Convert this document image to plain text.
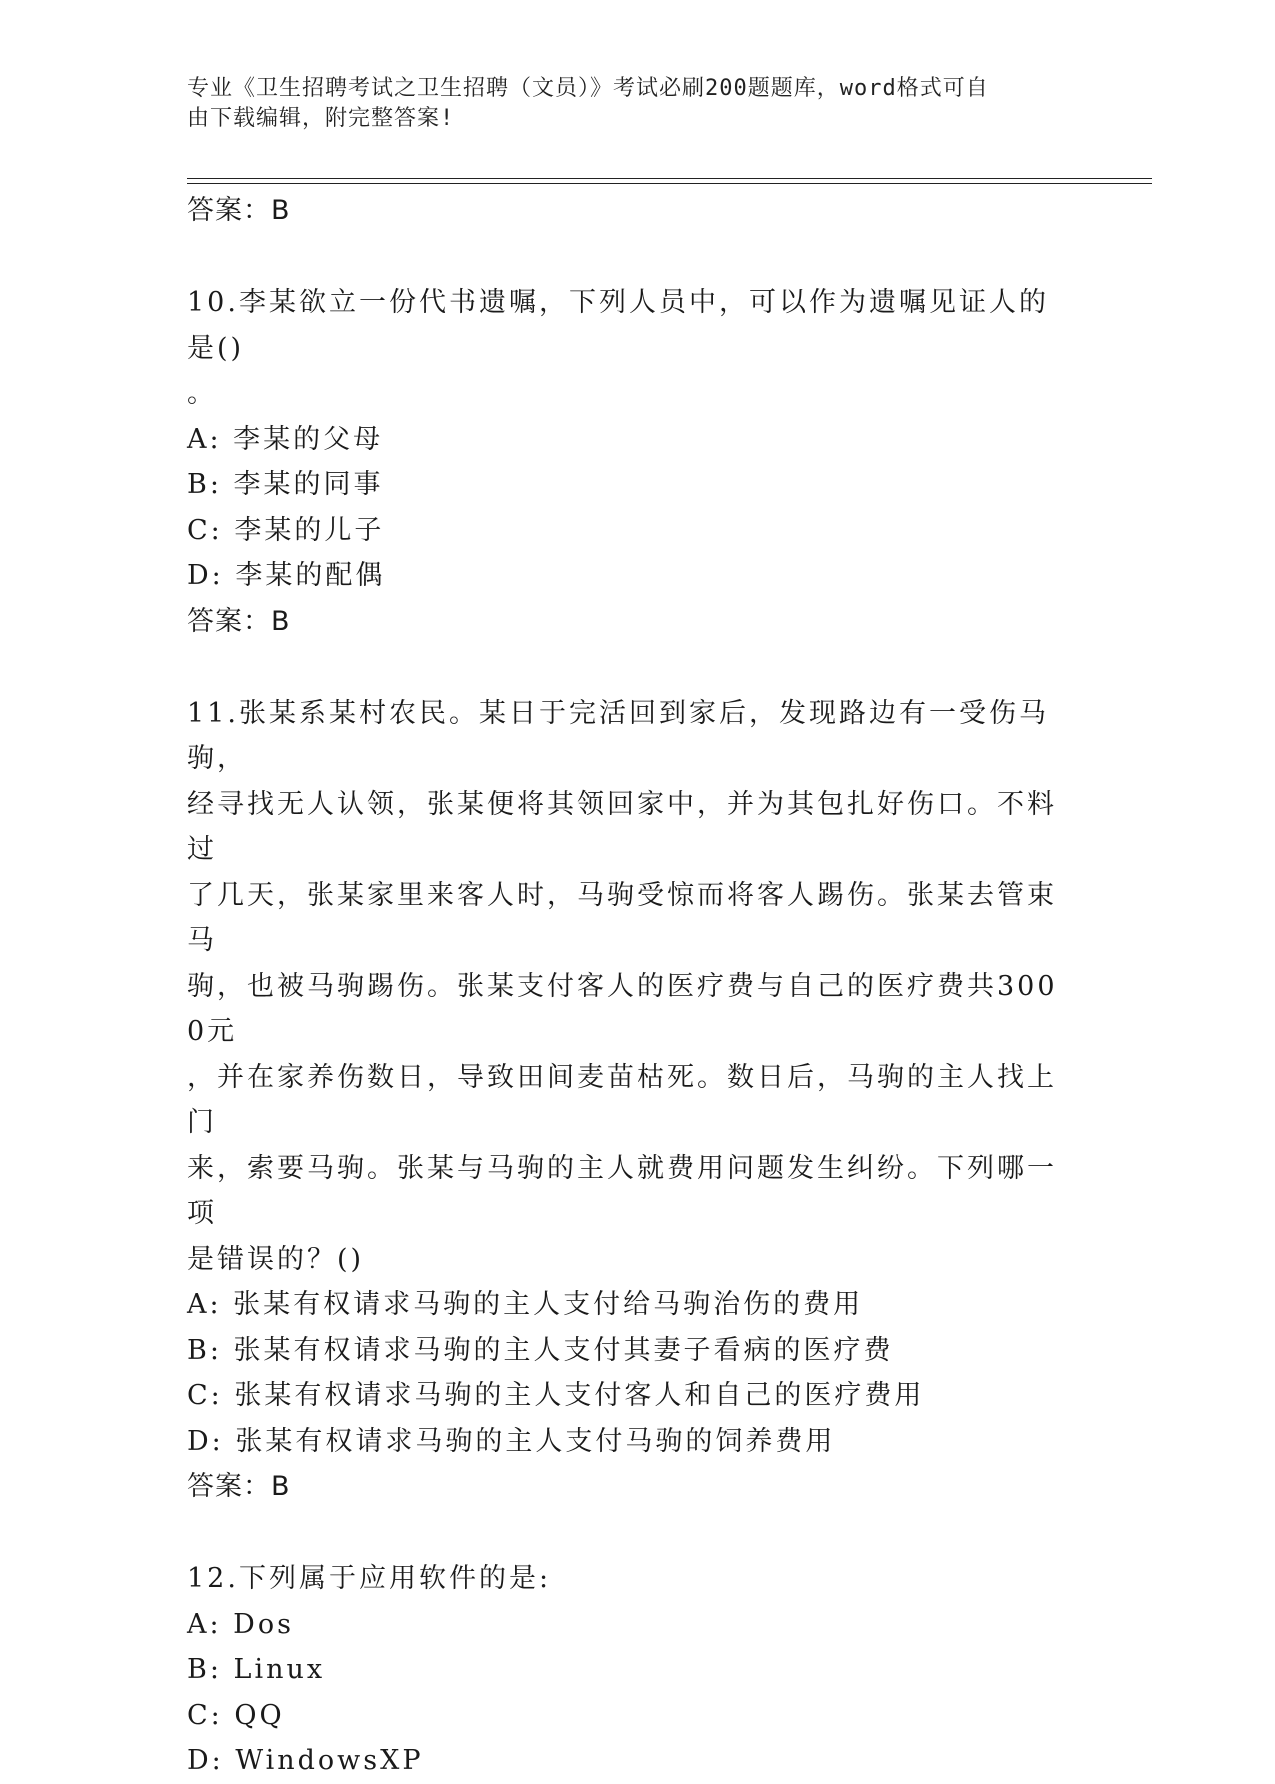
专业《卫生招聘考试之卫生招聘（文员）》考试必刷200题题库，word格式可自
由下载编辑，附完整答案!
答案：B
10.李某欲立一份代书遗嘱，下列人员中，可以作为遗嘱见证人的是()
。
A: 李某的父母
B: 李某的同事
C: 李某的儿子
D: 李某的配偶
答案：B
11.张某系某村农民。某日于完活回到家后，发现路边有一受伤马驹，
经寻找无人认领，张某便将其领回家中，并为其包扎好伤口。不料过
了几天，张某家里来客人时，马驹受惊而将客人踢伤。张某去管束马
驹，也被马驹踢伤。张某支付客人的医疗费与自己的医疗费共3000元
，并在家养伤数日，导致田间麦苗枯死。数日后，马驹的主人找上门
来，索要马驹。张某与马驹的主人就费用问题发生纠纷。下列哪一项
是错误的？()
A: 张某有权请求马驹的主人支付给马驹治伤的费用
B: 张某有权请求马驹的主人支付其妻子看病的医疗费
C: 张某有权请求马驹的主人支付客人和自己的医疗费用
D: 张某有权请求马驹的主人支付马驹的饲养费用
答案：B
12.下列属于应用软件的是:
A: Dos
B: Linux
C: QQ
D: WindowsXP
